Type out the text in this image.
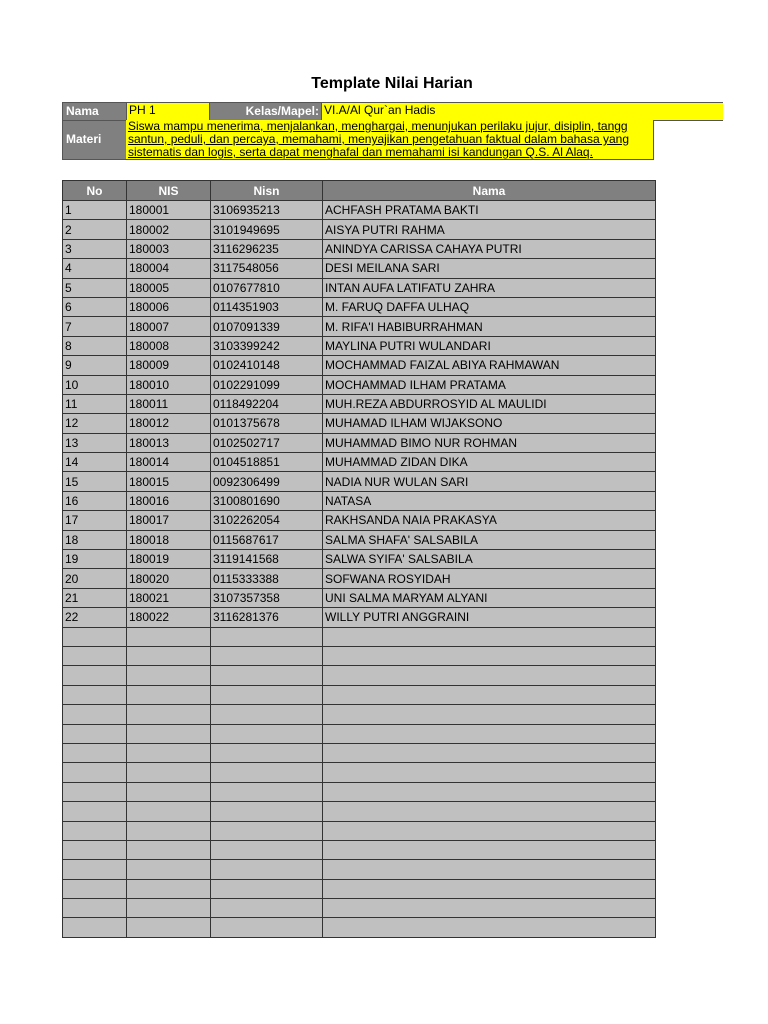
Template Nilai Harian
Nama	PH 1	Kelas/Mapel: VI.A/Al Qur`an Hadis
Materi
Siswa mampu menerima, menjalankan, menghargai, menunjukan perilaku jujur, disiplin, tangg
santun, peduli, dan percaya, memahami, menyajikan pengetahuan faktual dalam bahasa yang
sistematis dan logis, serta dapat menghafal dan memahami isi kandungan Q.S. Al Alaq.
No	NIS	Nisn	Nama
1	180001	3106935213	ACHFASH PRATAMA BAKTI
2	180002	3101949695	AISYA PUTRI RAHMA
3	180003	3116296235	ANINDYA CARISSA CAHAYA PUTRI
4	180004	3117548056	DESI MEILANA SARI
5	180005	0107677810	INTAN AUFA LATIFATU ZAHRA
6	180006	0114351903	M. FARUQ DAFFA ULHAQ
7	180007	0107091339	M. RIFA'I HABIBURRAHMAN
8	180008	3103399242	MAYLINA PUTRI WULANDARI
9	180009	0102410148	MOCHAMMAD FAIZAL ABIYA RAHMAWAN
10	180010	0102291099	MOCHAMMAD ILHAM PRATAMA
11	180011	0118492204	MUH.REZA ABDURROSYID AL MAULIDI
12	180012	0101375678	MUHAMAD ILHAM WIJAKSONO
13	180013	0102502717	MUHAMMAD BIMO NUR ROHMAN
14	180014	0104518851	MUHAMMAD ZIDAN DIKA
15	180015	0092306499	NADIA NUR WULAN SARI
16	180016	3100801690	NATASA
17	180017	3102262054	RAKHSANDA NAIA PRAKASYA
18	180018	0115687617	SALMA SHAFA' SALSABILA
19	180019	3119141568	SALWA SYIFA' SALSABILA
20	180020	0115333388	SOFWANA ROSYIDAH
21	180021	3107357358	UNI SALMA MARYAM ALYANI
22	180022	3116281376	WILLY PUTRI ANGGRAINI
